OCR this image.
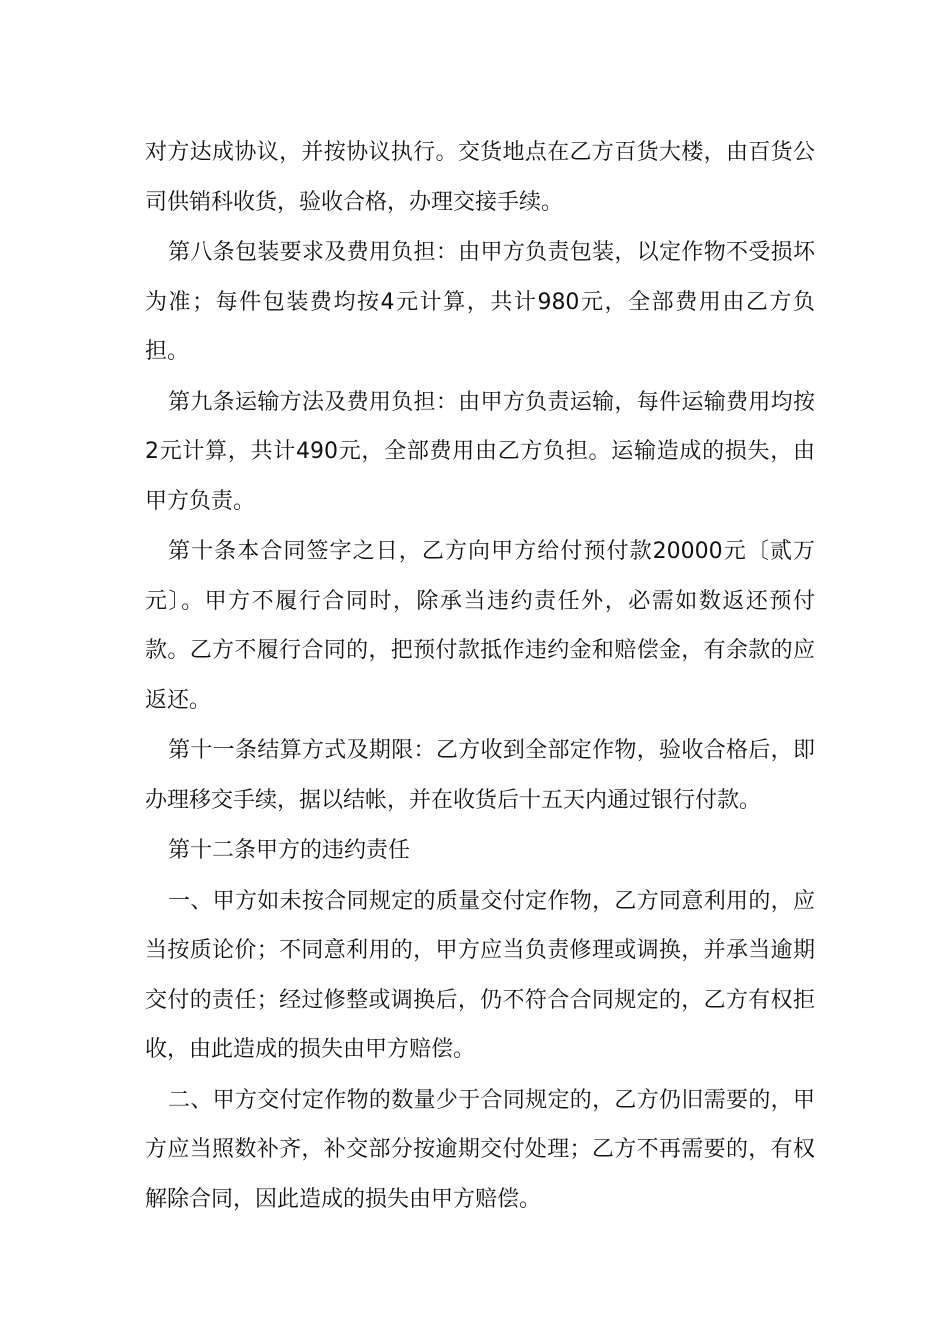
对方达成协议，并按协议执行。交货地点在乙方百货大楼，由百货公司供销科收货，验收合格，办理交接手续。

第八条包装要求及费用负担：由甲方负责包装，以定作物不受损坏为准；每件包装费均按4元计算，共计980元，全部费用由乙方负担。

第九条运输方法及费用负担：由甲方负责运输，每件运输费用均按2元计算，共计490元，全部费用由乙方负担。运输造成的损失，由甲方负责。

第十条本合同签字之日，乙方向甲方给付预付款20000元〔贰万元〕。甲方不履行合同时，除承当违约责任外，必需如数返还预付款。乙方不履行合同的，把预付款抵作违约金和赔偿金，有余款的应返还。

第十一条结算方式及期限：乙方收到全部定作物，验收合格后，即办理移交手续，据以结帐，并在收货后十五天内通过银行付款。

第十二条甲方的违约责任

一、甲方如未按合同规定的质量交付定作物，乙方同意利用的，应当按质论价；不同意利用的，甲方应当负责修理或调换，并承当逾期交付的责任；经过修整或调换后，仍不符合合同规定的，乙方有权拒收，由此造成的损失由甲方赔偿。

二、甲方交付定作物的数量少于合同规定的，乙方仍旧需要的，甲方应当照数补齐，补交部分按逾期交付处理；乙方不再需要的，有权解除合同，因此造成的损失由甲方赔偿。
